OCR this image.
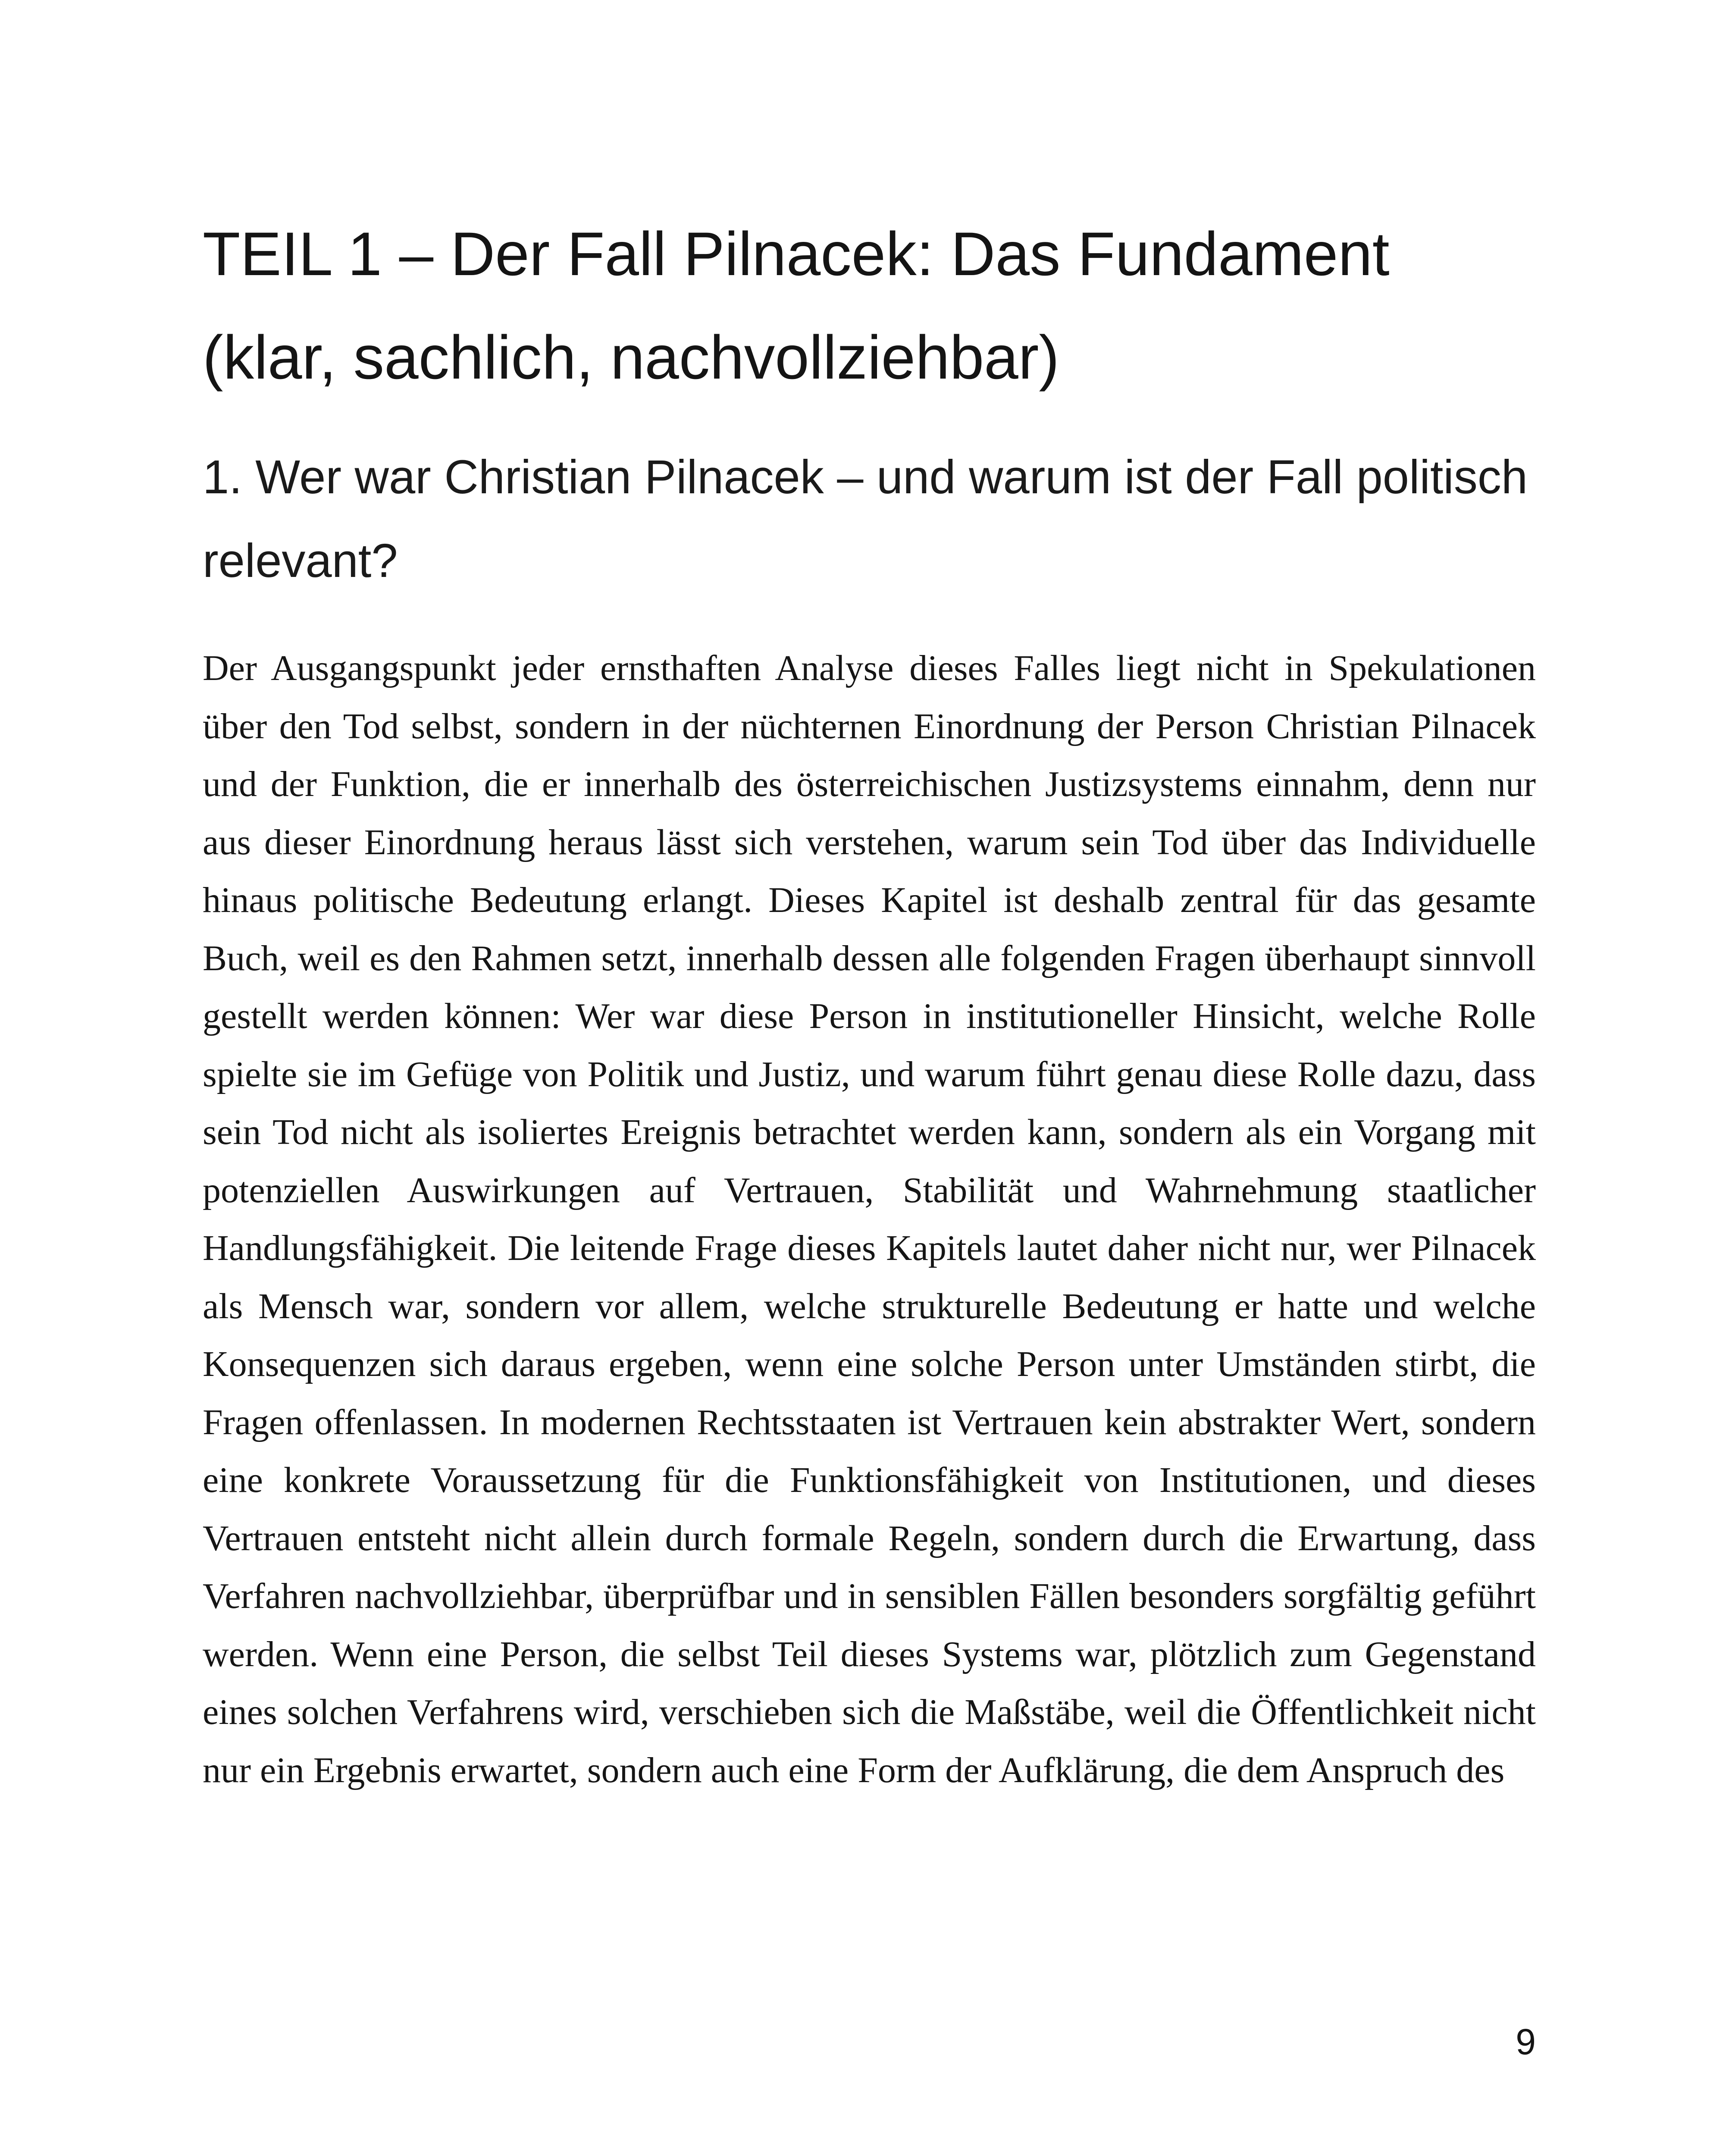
TEIL 1 – Der Fall Pilnacek: Das Fundament (klar, sachlich, nachvollziehbar)
1. Wer war Christian Pilnacek – und warum ist der Fall politisch relevant?

Der Ausgangspunkt jeder ernsthaften Analyse dieses Falles liegt nicht in Spekulationen über den Tod selbst, sondern in der nüchternen Einordnung der Person Christian Pilnacek und der Funktion, die er innerhalb des österreichischen Justizsystems einnahm, denn nur aus dieser Einordnung heraus lässt sich verstehen, warum sein Tod über das Individuelle hinaus politische Bedeutung erlangt. Dieses Kapitel ist deshalb zentral für das gesamte Buch, weil es den Rahmen setzt, innerhalb dessen alle folgenden Fragen überhaupt sinnvoll gestellt werden können: Wer war diese Person in institutioneller Hinsicht, welche Rolle spielte sie im Gefüge von Politik und Justiz, und warum führt genau diese Rolle dazu, dass sein Tod nicht als isoliertes Ereignis betrachtet werden kann, sondern als ein Vorgang mit potenziellen Auswirkungen auf Vertrauen, Stabilität und Wahrnehmung staatlicher Handlungsfähigkeit. Die leitende Frage dieses Kapitels lautet daher nicht nur, wer Pilnacek als Mensch war, sondern vor allem, welche strukturelle Bedeutung er hatte und welche Konsequenzen sich daraus ergeben, wenn eine solche Person unter Umständen stirbt, die Fragen offenlassen. In modernen Rechtsstaaten ist Vertrauen kein abstrakter Wert, sondern eine konkrete Voraussetzung für die Funktionsfähigkeit von Institutionen, und dieses Vertrauen entsteht nicht allein durch formale Regeln, sondern durch die Erwartung, dass Verfahren nachvollziehbar, überprüfbar und in sensiblen Fällen besonders sorgfältig geführt werden. Wenn eine Person, die selbst Teil dieses Systems war, plötzlich zum Gegenstand eines solchen Verfahrens wird, verschieben sich die Maßstäbe, weil die Öffentlichkeit nicht nur ein Ergebnis erwartet, sondern auch eine Form der Aufklärung, die dem Anspruch des

9
